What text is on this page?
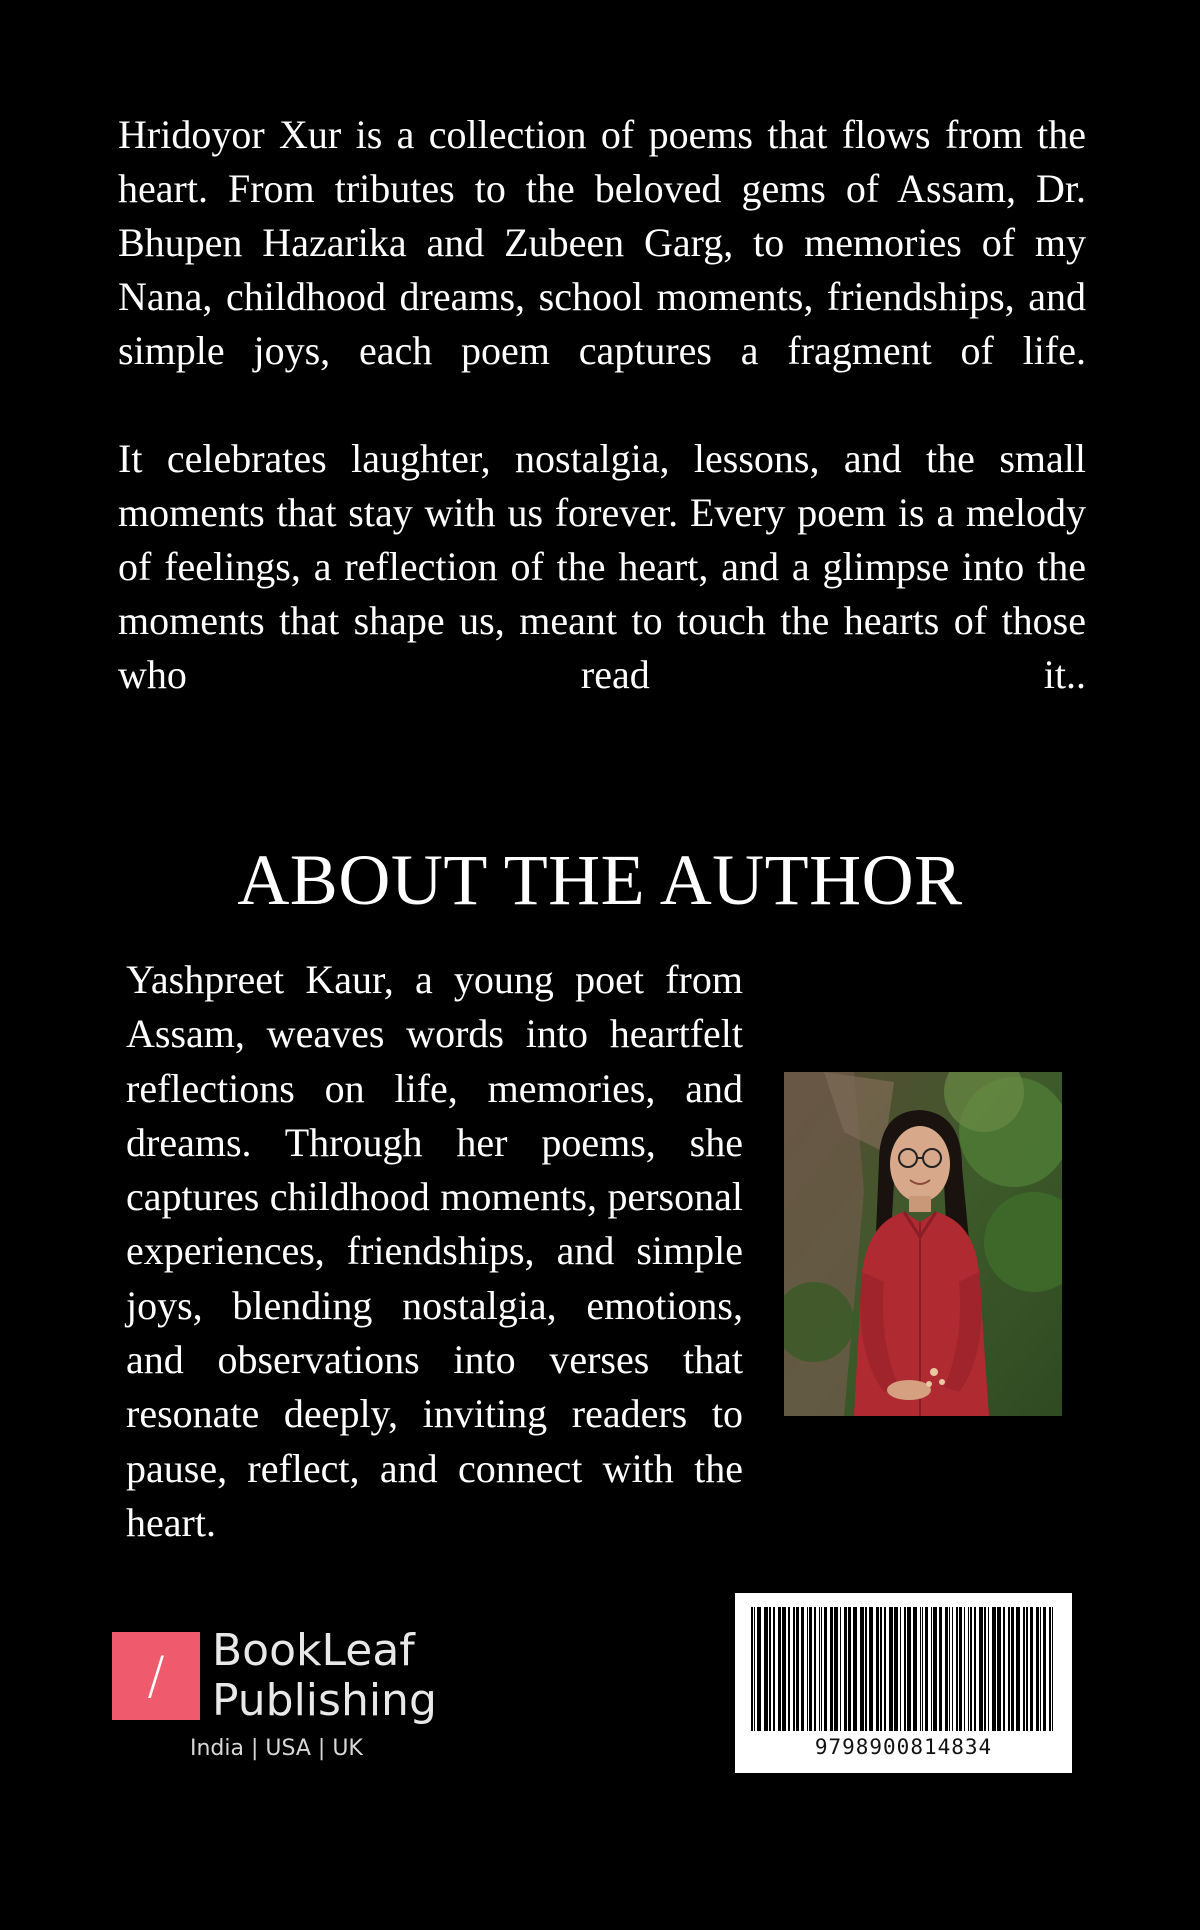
Hridoyor Xur is a collection of poems that flows from the heart. From tributes to the beloved gems of Assam, Dr. Bhupen Hazarika and Zubeen Garg, to memories of my Nana, childhood dreams, school moments, friendships, and simple joys, each poem captures a fragment of life.

It celebrates laughter, nostalgia, lessons, and the small moments that stay with us forever. Every poem is a melody of feelings, a reflection of the heart, and a glimpse into the moments that shape us, meant to touch the hearts of those who read it..

ABOUT THE AUTHOR

Yashpreet Kaur, a young poet from Assam, weaves words into heartfelt reflections on life, memories, and dreams. Through her poems, she captures childhood moments, personal experiences, friendships, and simple joys, blending nostalgia, emotions, and observations into verses that resonate deeply, inviting readers to pause, reflect, and connect with the heart.

/	BookLeaf
Publishing
India | USA | UK	9798900814834
